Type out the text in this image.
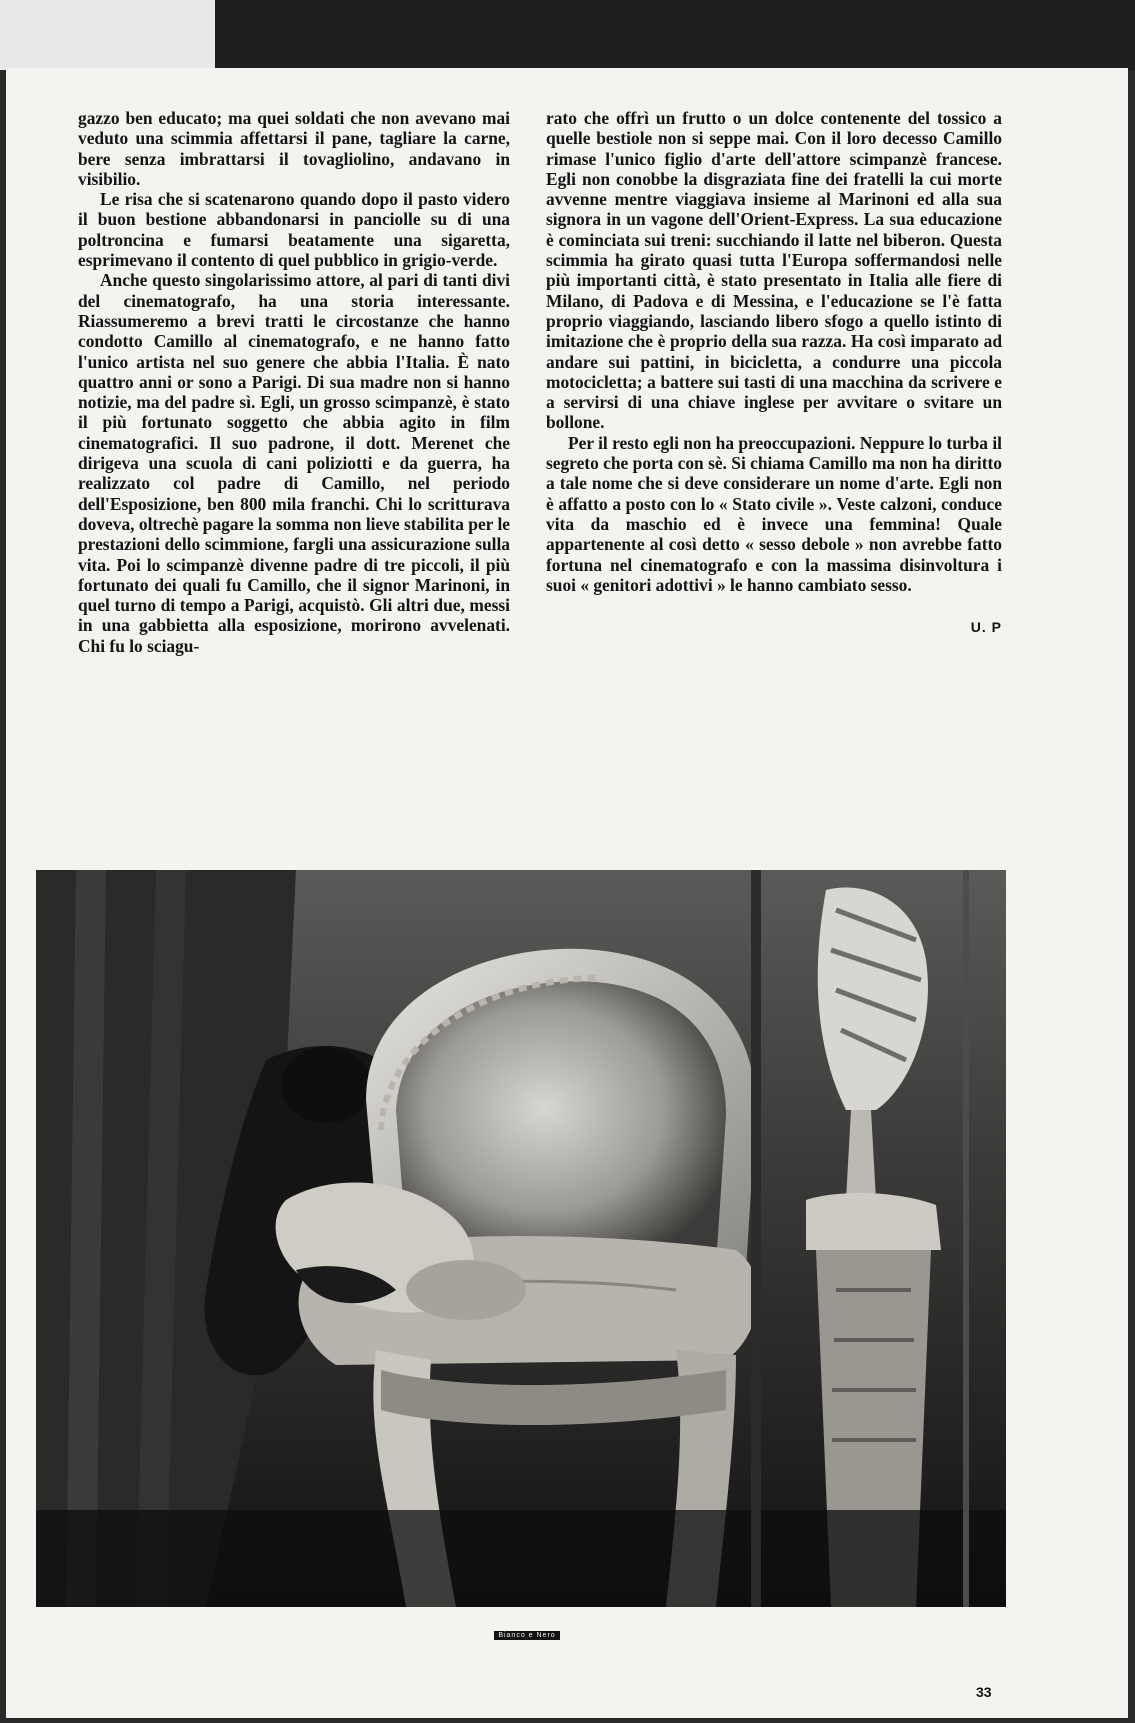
gazzo ben educato; ma quei soldati che non avevano mai veduto una scimmia affettarsi il pane, tagliare la carne, bere senza imbrattarsi il tovagliolino, andavano in visibilio.

Le risa che si scatenarono quando dopo il pasto videro il buon bestione abbandonarsi in panciolle su di una poltroncina e fumarsi beatamente una sigaretta, esprimevano il contento di quel pubblico in grigio-verde.

Anche questo singolarissimo attore, al pari di tanti divi del cinematografo, ha una storia interessante. Riassumeremo a brevi tratti le circostanze che hanno condotto Camillo al cinematografo, e ne hanno fatto l'unico artista nel suo genere che abbia l'Italia. È nato quattro anni or sono a Parigi. Di sua madre non si hanno notizie, ma del padre sì. Egli, un grosso scimpanzè, è stato il più fortunato soggetto che abbia agito in film cinematografici. Il suo padrone, il dott. Merenet che dirigeva una scuola di cani poliziotti e da guerra, ha realizzato col padre di Camillo, nel periodo dell'Esposizione, ben 800 mila franchi. Chi lo scritturava doveva, oltrechè pagare la somma non lieve stabilita per le prestazioni dello scimmione, fargli una assicurazione sulla vita. Poi lo scimpanzè divenne padre di tre piccoli, il più fortunato dei quali fu Camillo, che il signor Marinoni, in quel turno di tempo a Parigi, acquistò. Gli altri due, messi in una gabbietta alla esposizione, morirono avvelenati. Chi fu lo sciagu-

rato che offrì un frutto o un dolce contenente del tossico a quelle bestiole non si seppe mai. Con il loro decesso Camillo rimase l'unico figlio d'arte dell'attore scimpanzè francese. Egli non conobbe la disgraziata fine dei fratelli la cui morte avvenne mentre viaggiava insieme al Marinoni ed alla sua signora in un vagone dell'Orient-Express. La sua educazione è cominciata sui treni: succhiando il latte nel biberon. Questa scimmia ha girato quasi tutta l'Europa soffermandosi nelle più importanti città, è stato presentato in Italia alle fiere di Milano, di Padova e di Messina, e l'educazione se l'è fatta proprio viaggiando, lasciando libero sfogo a quello istinto di imitazione che è proprio della sua razza. Ha così imparato ad andare sui pattini, in bicicletta, a condurre una piccola motocicletta; a battere sui tasti di una macchina da scrivere e a servirsi di una chiave inglese per avvitare o svitare un bollone.

Per il resto egli non ha preoccupazioni. Neppure lo turba il segreto che porta con sè. Si chiama Camillo ma non ha diritto a tale nome che si deve considerare un nome d'arte. Egli non è affatto a posto con lo « Stato civile ». Veste calzoni, conduce vita da maschio ed è invece una femmina! Quale appartenente al così detto « sesso debole » non avrebbe fatto fortuna nel cinematografo e con la massima disinvoltura i suoi « genitori adottivi » le hanno cambiato sesso.

U. P
Bianco e Nero
33
